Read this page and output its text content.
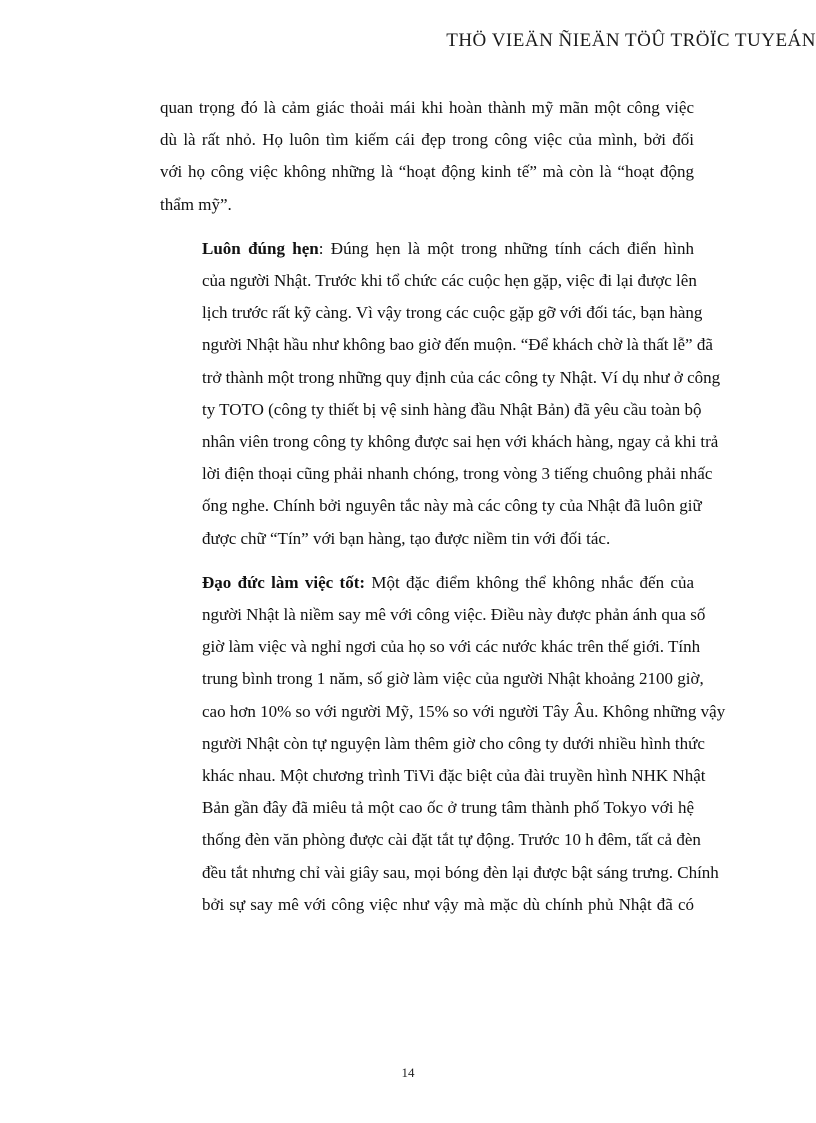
THÖ VIEÄN ÑIEÄN TÖÛ TRÖÏC TUYEÁN

quan trọng đó là cảm giác thoải mái khi hoàn thành mỹ mãn một công việc
dù là rất nhỏ. Họ luôn tìm kiếm cái đẹp trong công việc của mình, bởi đối
với họ công việc không những là “hoạt động kinh tế” mà còn là “hoạt động
thẩm mỹ”.

Luôn đúng hẹn: Đúng hẹn là một trong những tính cách điển hình
của người Nhật. Trước khi tổ chức các cuộc hẹn gặp, việc đi lại được lên
lịch trước rất kỹ càng. Vì vậy trong các cuộc gặp gỡ với đối tác, bạn hàng
người Nhật hầu như không bao giờ đến muộn. “Để khách chờ là thất lễ” đã
trở thành một trong những quy định của các công ty Nhật. Ví dụ như ở công
ty TOTO (công ty thiết bị vệ sinh hàng đầu Nhật Bản) đã yêu cầu toàn bộ
nhân viên trong công ty không được sai hẹn với khách hàng, ngay cả khi trả
lời điện thoại cũng phải nhanh chóng, trong vòng 3 tiếng chuông phải nhấc
ống nghe. Chính bởi nguyên tắc này mà các công ty của Nhật đã luôn giữ
được chữ “Tín” với bạn hàng, tạo được niềm tin với đối tác.

Đạo đức làm việc tốt: Một đặc điểm không thể không nhắc đến của
người Nhật là niềm say mê với công việc. Điều này được phản ánh qua số
giờ làm việc và nghỉ ngơi của họ so với các nước khác trên thế giới. Tính
trung bình trong 1 năm, số giờ làm việc của người Nhật khoảng 2100 giờ,
cao hơn 10% so với người Mỹ, 15% so với người Tây Âu. Không những vậy
người Nhật còn tự nguyện làm thêm giờ cho công ty dưới nhiều hình thức
khác nhau. Một chương trình TiVi đặc biệt của đài truyền hình NHK Nhật
Bản gần đây đã miêu tả một cao ốc ở trung tâm thành phố Tokyo với hệ
thống đèn văn phòng được cài đặt tắt tự động. Trước 10 h đêm, tất cả đèn
đều tắt nhưng chỉ vài giây sau, mọi bóng đèn lại được bật sáng trưng. Chính
bởi sự say mê với công việc như vậy mà mặc dù chính phủ Nhật đã có

14
